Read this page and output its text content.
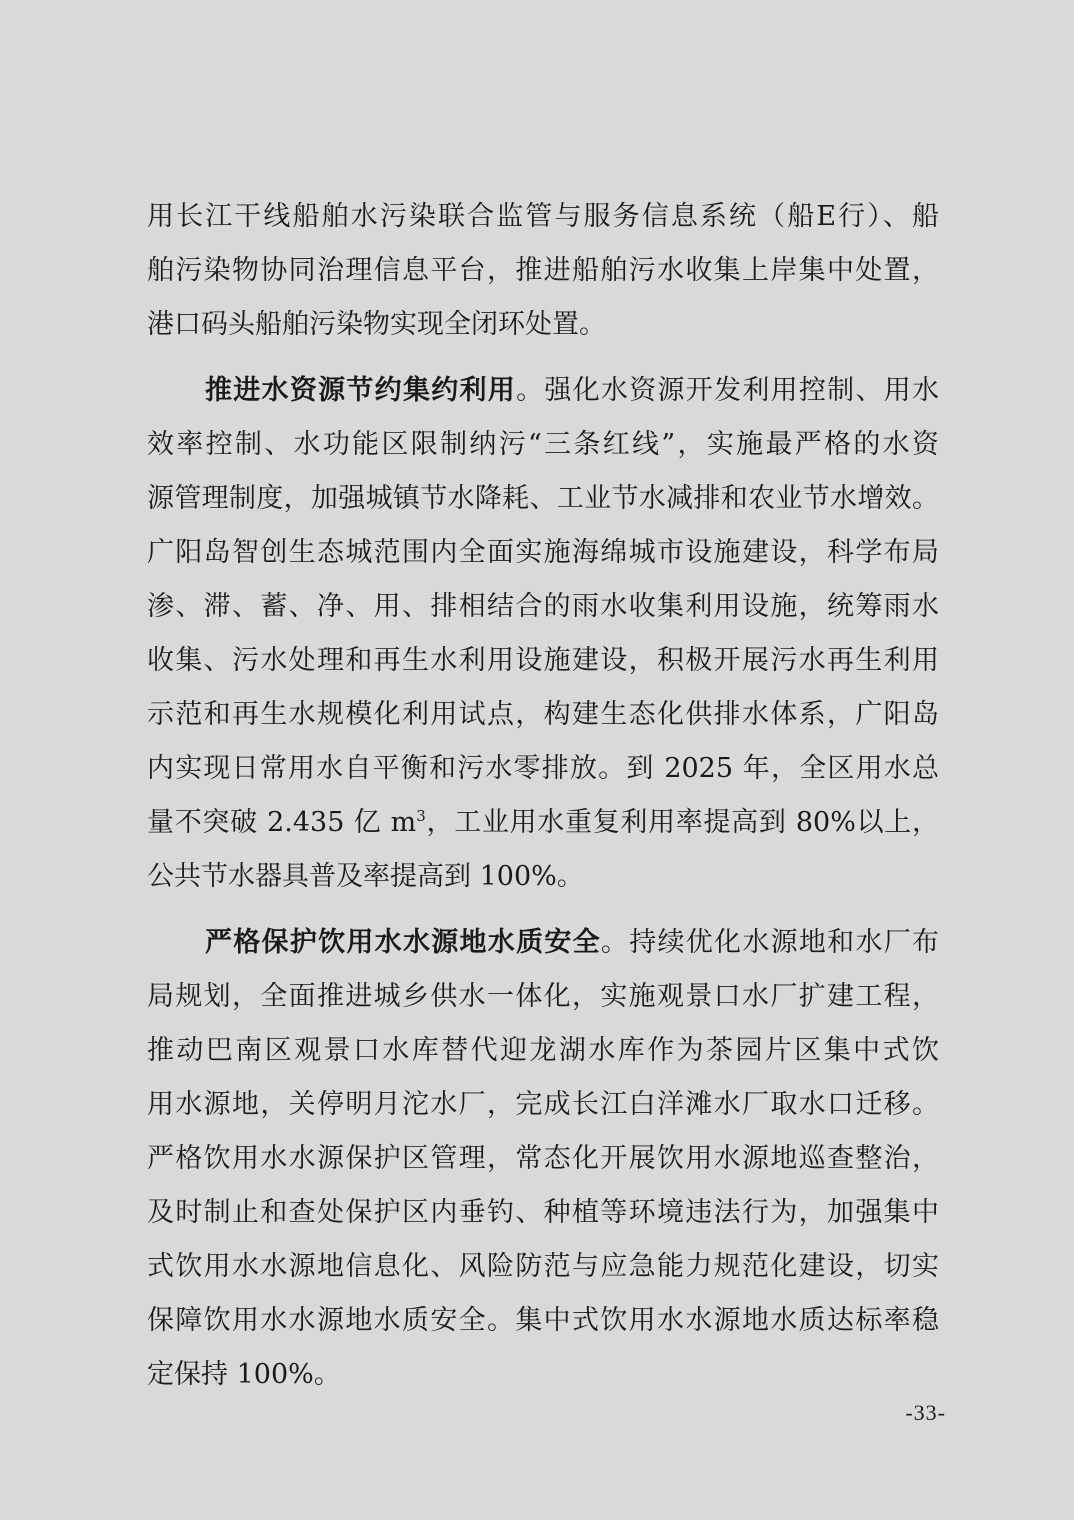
用长江干线船舶水污染联合监管与服务信息系统（船E行）、船
舶污染物协同治理信息平台，推进船舶污水收集上岸集中处置，
港口码头船舶污染物实现全闭环处置。
推进水资源节约集约利用。强化水资源开发利用控制、用水
效率控制、水功能区限制纳污“三条红线”，实施最严格的水资
源管理制度，加强城镇节水降耗、工业节水减排和农业节水增效。
广阳岛智创生态城范围内全面实施海绵城市设施建设，科学布局
渗、滞、蓄、净、用、排相结合的雨水收集利用设施，统筹雨水
收集、污水处理和再生水利用设施建设，积极开展污水再生利用
示范和再生水规模化利用试点，构建生态化供排水体系，广阳岛
内实现日常用水自平衡和污水零排放。到 2025 年，全区用水总
量不突破 2.435 亿 $m^3$，工业用水重复利用率提高到 80%以上，
公共节水器具普及率提高到 100%。
严格保护饮用水水源地水质安全。持续优化水源地和水厂布
局规划，全面推进城乡供水一体化，实施观景口水厂扩建工程，
推动巴南区观景口水库替代迎龙湖水库作为茶园片区集中式饮
用水源地，关停明月沱水厂，完成长江白洋滩水厂取水口迁移。
严格饮用水水源保护区管理，常态化开展饮用水源地巡查整治，
及时制止和查处保护区内垂钓、种植等环境违法行为，加强集中
式饮用水水源地信息化、风险防范与应急能力规范化建设，切实
保障饮用水水源地水质安全。集中式饮用水水源地水质达标率稳
定保持 100%。
-33-
